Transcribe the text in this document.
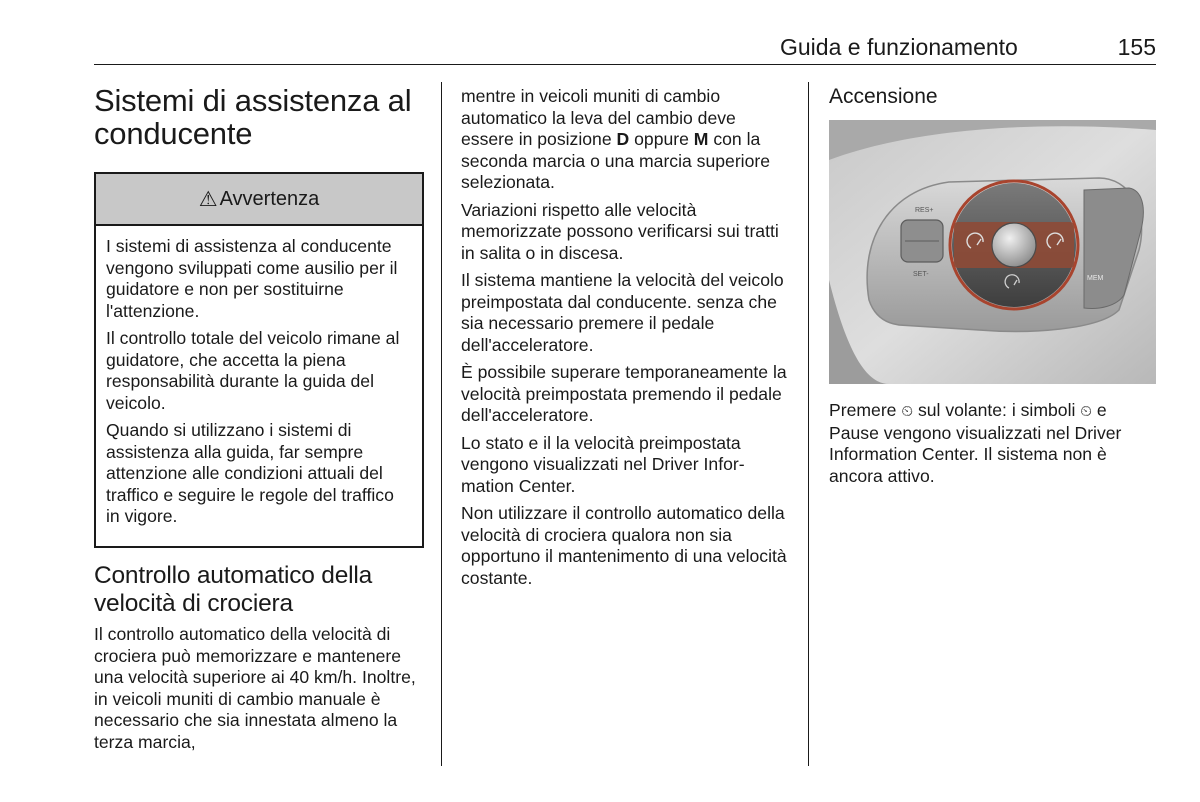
Guida e funzionamento	155
Sistemi di assistenza al conducente
⚠ Avvertenza

I sistemi di assistenza al conducente vengono sviluppati come ausilio per il guidatore e non per sostituirne l'attenzione.

Il controllo totale del veicolo rimane al guidatore, che accetta la piena responsabilità durante la guida del veicolo.

Quando si utilizzano i sistemi di assistenza alla guida, far sempre attenzione alle condizioni attuali del traffico e seguire le regole del traffico in vigore.

Controllo automatico della velocità di crociera

Il controllo automatico della velocità di crociera può memorizzare e mantenere una velocità superiore ai 40 km/h. Inoltre, in veicoli muniti di cambio manuale è necessario che sia innestata almeno la terza marcia,

mentre in veicoli muniti di cambio automatico la leva del cambio deve essere in posizione D oppure M con la seconda marcia o una marcia superiore selezionata.

Variazioni rispetto alle velocità memorizzate possono verificarsi sui tratti in salita o in discesa.

Il sistema mantiene la velocità del veicolo preimpostata dal conducente. senza che sia necessario premere il pedale dell'acceleratore.

È possibile superare temporaneamente la velocità preimpostata premendo il pedale dell'acceleratore.

Lo stato e il la velocità preimpostata vengono visualizzati nel Driver Information Center.

Non utilizzare il controllo automatico della velocità di crociera qualora non sia opportuno il mantenimento di una velocità costante.

Accensione
MEM
RES+
SET-

Premere ⏲ sul volante: i simboli ⏲ e Pause vengono visualizzati nel Driver Information Center. Il sistema non è ancora attivo.
